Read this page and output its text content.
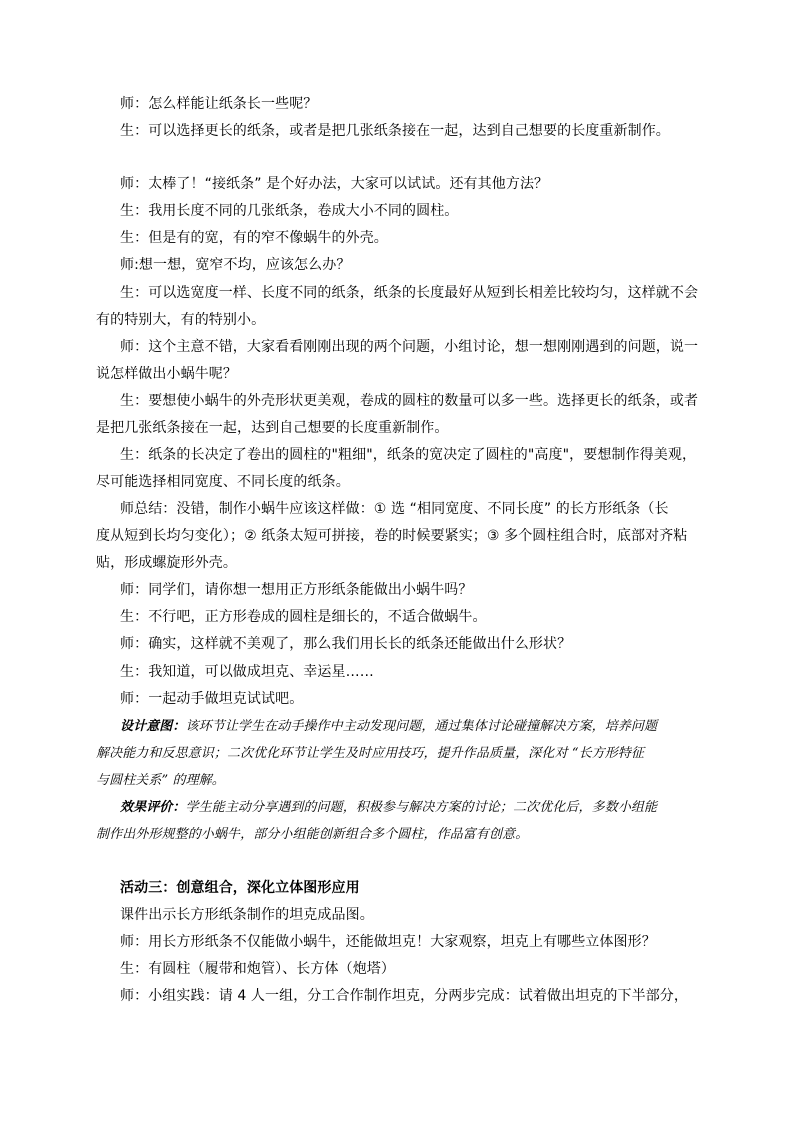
师：怎么样能让纸条长一些呢？
生：可以选择更长的纸条，或者是把几张纸条接在一起，达到自己想要的长度重新制作。
师：太棒了！“接纸条” 是个好办法，大家可以试试。还有其他方法？
生：我用长度不同的几张纸条，卷成大小不同的圆柱。
生：但是有的宽，有的窄不像蜗牛的外壳。
师:想一想，宽窄不均，应该怎么办？
生：可以选宽度一样、长度不同的纸条，纸条的长度最好从短到长相差比较均匀，这样就不会
有的特别大，有的特别小。
师：这个主意不错，大家看看刚刚出现的两个问题，小组讨论，想一想刚刚遇到的问题，说一
说怎样做出小蜗牛呢？
生：要想使小蜗牛的外壳形状更美观，卷成的圆柱的数量可以多一些。选择更长的纸条，或者
是把几张纸条接在一起，达到自己想要的长度重新制作。
生：纸条的长决定了卷出的圆柱的"粗细"，纸条的宽决定了圆柱的"高度"，要想制作得美观，
尽可能选择相同宽度、不同长度的纸条。
师总结：没错，制作小蜗牛应该这样做：① 选 “相同宽度、不同长度” 的长方形纸条（长
度从短到长均匀变化）；② 纸条太短可拼接，卷的时候要紧实；③ 多个圆柱组合时，底部对齐粘
贴，形成螺旋形外壳。
师：同学们，请你想一想用正方形纸条能做出小蜗牛吗？
生：不行吧，正方形卷成的圆柱是细长的，不适合做蜗牛。
师：确实，这样就不美观了，那么我们用长长的纸条还能做出什么形状？
生：我知道，可以做成坦克、幸运星……
师：一起动手做坦克试试吧。
设计意图：该环节让学生在动手操作中主动发现问题，通过集体讨论碰撞解决方案，培养问题
解决能力和反思意识；二次优化环节让学生及时应用技巧，提升作品质量，深化对 “长方形特征
与圆柱关系” 的理解。
效果评价：学生能主动分享遇到的问题，积极参与解决方案的讨论；二次优化后，多数小组能
制作出外形规整的小蜗牛，部分小组能创新组合多个圆柱，作品富有创意。
活动三：创意组合，深化立体图形应用
课件出示长方形纸条制作的坦克成品图。
师：用长方形纸条不仅能做小蜗牛，还能做坦克！大家观察，坦克上有哪些立体图形？
生：有圆柱（履带和炮管）、长方体（炮塔）
师：小组实践：请 4 人一组，分工合作制作坦克，分两步完成：试着做出坦克的下半部分，
